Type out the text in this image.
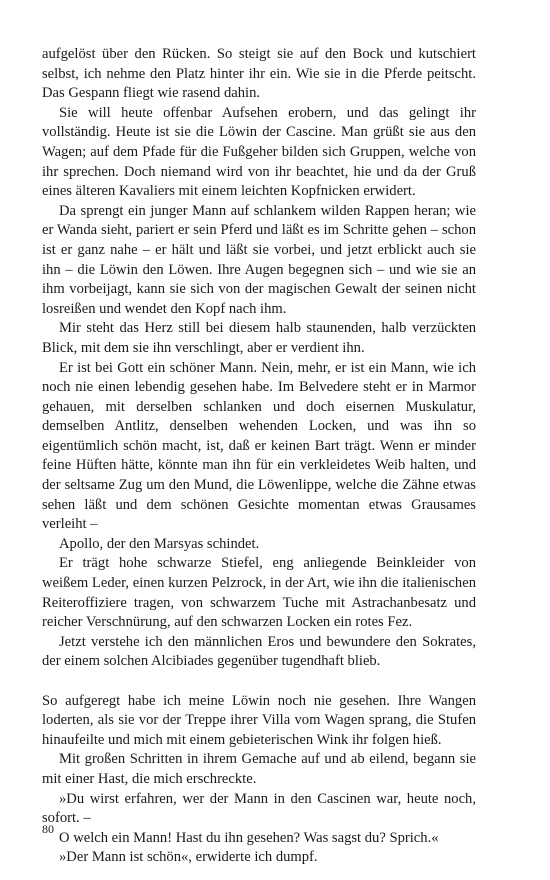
aufgelöst über den Rücken. So steigt sie auf den Bock und kutschiert selbst, ich nehme den Platz hinter ihr ein. Wie sie in die Pferde peitscht. Das Gespann fliegt wie rasend dahin.

Sie will heute offenbar Aufsehen erobern, und das gelingt ihr vollständig. Heute ist sie die Löwin der Cascine. Man grüßt sie aus den Wagen; auf dem Pfade für die Fußgeher bilden sich Gruppen, welche von ihr sprechen. Doch niemand wird von ihr beachtet, hie und da der Gruß eines älteren Kavaliers mit einem leichten Kopfnicken erwidert.

Da sprengt ein junger Mann auf schlankem wilden Rappen heran; wie er Wanda sieht, pariert er sein Pferd und läßt es im Schritte gehen – schon ist er ganz nahe – er hält und läßt sie vorbei, und jetzt erblickt auch sie ihn – die Löwin den Löwen. Ihre Augen begegnen sich – und wie sie an ihm vorbeijagt, kann sie sich von der magischen Gewalt der seinen nicht losreißen und wendet den Kopf nach ihm.

Mir steht das Herz still bei diesem halb staunenden, halb verzückten Blick, mit dem sie ihn verschlingt, aber er verdient ihn.

Er ist bei Gott ein schöner Mann. Nein, mehr, er ist ein Mann, wie ich noch nie einen lebendig gesehen habe. Im Belvedere steht er in Marmor gehauen, mit derselben schlanken und doch eisernen Muskulatur, demselben Antlitz, denselben wehenden Locken, und was ihn so eigentümlich schön macht, ist, daß er keinen Bart trägt. Wenn er minder feine Hüften hätte, könnte man ihn für ein verkleidetes Weib halten, und der seltsame Zug um den Mund, die Löwenlippe, welche die Zähne etwas sehen läßt und dem schönen Gesichte momentan etwas Grausames verleiht –

Apollo, der den Marsyas schindet.

Er trägt hohe schwarze Stiefel, eng anliegende Beinkleider von weißem Leder, einen kurzen Pelzrock, in der Art, wie ihn die italienischen Reiteroffiziere tragen, von schwarzem Tuche mit Astrachanbesatz und reicher Verschnürung, auf den schwarzen Locken ein rotes Fez.

Jetzt verstehe ich den männlichen Eros und bewundere den Sokrates, der einem solchen Alcibiades gegenüber tugendhaft blieb.

So aufgeregt habe ich meine Löwin noch nie gesehen. Ihre Wangen loderten, als sie vor der Treppe ihrer Villa vom Wagen sprang, die Stufen hinaufeilte und mich mit einem gebieterischen Wink ihr folgen hieß.

Mit großen Schritten in ihrem Gemache auf und ab eilend, begann sie mit einer Hast, die mich erschreckte.

»Du wirst erfahren, wer der Mann in den Cascinen war, heute noch, sofort. –

O welch ein Mann! Hast du ihn gesehen? Was sagst du? Sprich.«

»Der Mann ist schön«, erwiderte ich dumpf.

80
